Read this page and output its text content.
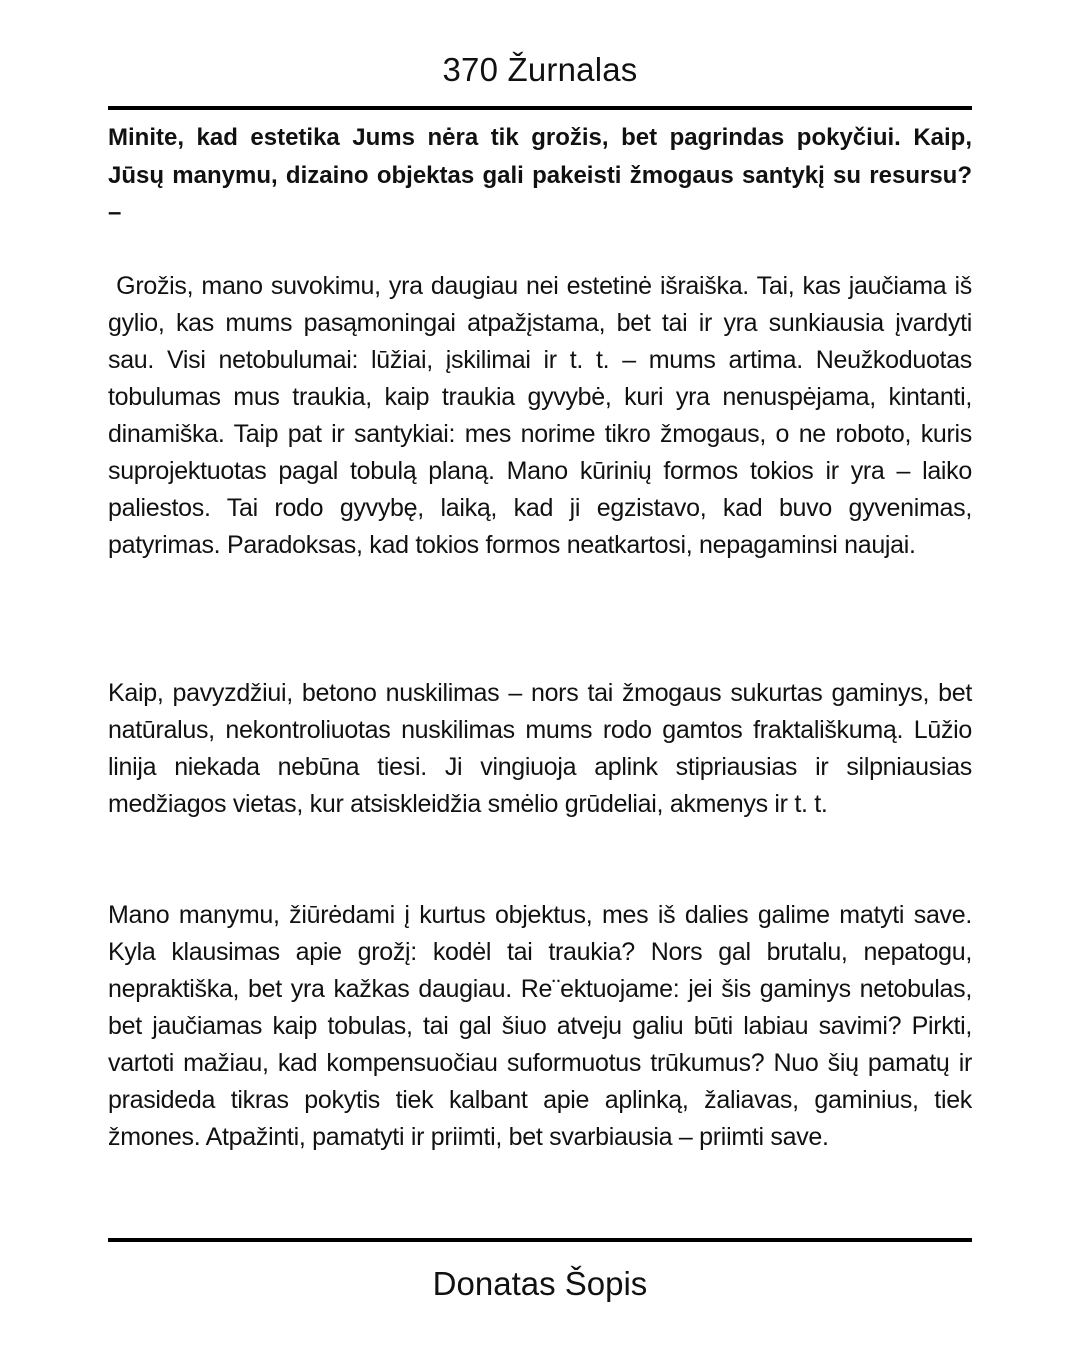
370 Žurnalas

Minite, kad estetika Jums nėra tik grožis, bet pagrindas pokyčiui. Kaip, Jūsų manymu, dizaino objektas gali pakeisti žmogaus santykį su resursu? –

Grožis, mano suvokimu, yra daugiau nei estetinė išraiška. Tai, kas jaučiama iš gylio, kas mums pasąmoningai atpažįstama, bet tai ir yra sunkiausia įvardyti sau. Visi netobulumai: lūžiai, įskilimai ir t. t. – mums artima. Neužkoduotas tobulumas mus traukia, kaip traukia gyvybė, kuri yra nenuspėjama, kintanti, dinamiška. Taip pat ir santykiai: mes norime tikro žmogaus, o ne roboto, kuris suprojektuotas pagal tobulą planą. Mano kūrinių formos tokios ir yra – laiko paliestos. Tai rodo gyvybę, laiką, kad ji egzistavo, kad buvo gyvenimas, patyrimas. Paradoksas, kad tokios formos neatkartosi, nepagaminsi naujai.

Kaip, pavyzdžiui, betono nuskilimas – nors tai žmogaus sukurtas gaminys, bet natūralus, nekontroliuotas nuskilimas mums rodo gamtos fraktališkumą. Lūžio linija niekada nebūna tiesi. Ji vingiuoja aplink stipriausias ir silpniausias medžiagos vietas, kur atsiskleidžia smėlio grūdeliai, akmenys ir t. t.

Mano manymu, žiūrėdami į kurtus objektus, mes iš dalies galime matyti save. Kyla klausimas apie grožį: kodėl tai traukia? Nors gal brutalu, nepatogu, nepraktiška, bet yra kažkas daugiau. Re¨ektuojame: jei šis gaminys netobulas, bet jaučiamas kaip tobulas, tai gal šiuo atveju galiu būti labiau savimi? Pirkti, vartoti mažiau, kad kompensuočiau suformuotus trūkumus? Nuo šių pamatų ir prasideda tikras pokytis tiek kalbant apie aplinką, žaliavas, gaminius, tiek žmones. Atpažinti, pamatyti ir priimti, bet svarbiausia – priimti save.

Donatas Šopis
